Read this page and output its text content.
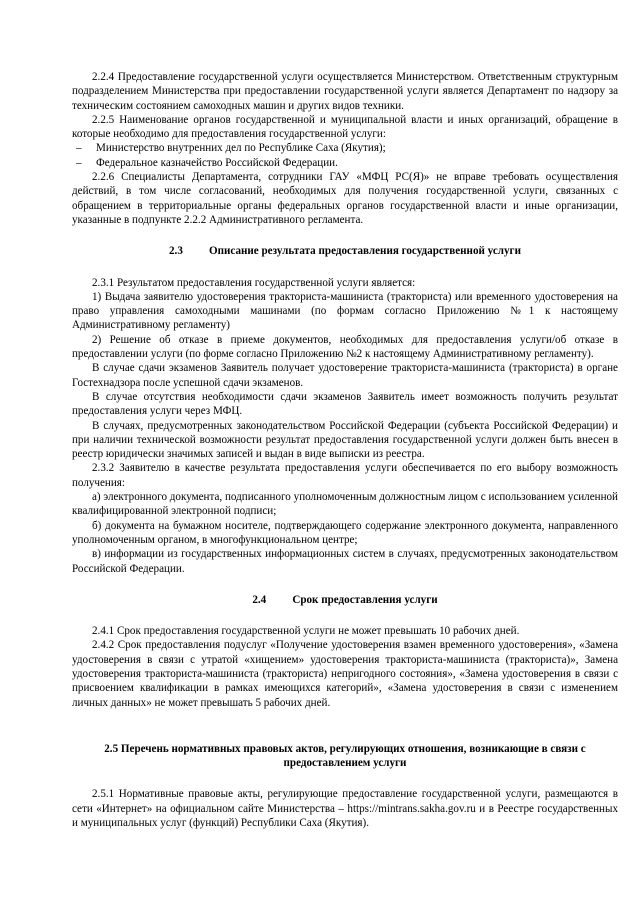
2.2.4 Предоставление государственной услуги осуществляется Министерством. Ответственным структурным подразделением Министерства при предоставлении государственной услуги является Департамент по надзору за техническим состоянием самоходных машин и других видов техники.

2.2.5 Наименование органов государственной и муниципальной власти и иных организаций, обращение в которые необходимо для предоставления государственной услуги:

–	Министерство внутренних дел по Республике Саха (Якутия);
–	Федеральное казначейство Российской Федерации.

2.2.6 Специалисты Департамента, сотрудники ГАУ «МФЦ РС(Я)» не вправе требовать осуществления действий, в том числе согласований, необходимых для получения государственной услуги, связанных с обращением в территориальные органы федеральных органов государственной власти и иные организации, указанные в подпункте 2.2.2 Административного регламента.

2.3 Описание результата предоставления государственной услуги

2.3.1 Результатом предоставления государственной услуги является:

1) Выдача заявителю удостоверения тракториста-машиниста (тракториста) или временного удостоверения на право управления самоходными машинами (по формам согласно Приложению №1 к настоящему Административному регламенту)

2) Решение об отказе в приеме документов, необходимых для предоставления услуги/об отказе в предоставлении услуги (по форме согласно Приложению №2 к настоящему Административному регламенту).

В случае сдачи экзаменов Заявитель получает удостоверение тракториста-машиниста (тракториста) в органе Гостехнадзора после успешной сдачи экзаменов.

В случае отсутствия необходимости сдачи экзаменов Заявитель имеет возможность получить результат предоставления услуги через МФЦ.

В случаях, предусмотренных законодательством Российской Федерации (субъекта Российской Федерации) и при наличии технической возможности результат предоставления государственной услуги должен быть внесен в реестр юридически значимых записей и выдан в виде выписки из реестра.

2.3.2 Заявителю в качестве результата предоставления услуги обеспечивается по его выбору возможность получения:

а) электронного документа, подписанного уполномоченным должностным лицом с использованием усиленной квалифицированной электронной подписи;

б) документа на бумажном носителе, подтверждающего содержание электронного документа, направленного уполномоченным органом, в многофункциональном центре;

в) информации из государственных информационных систем в случаях, предусмотренных законодательством Российской Федерации.

2.4 Срок предоставления услуги

2.4.1 Срок предоставления государственной услуги не может превышать 10 рабочих дней.

2.4.2 Срок предоставления подуслуг «Получение удостоверения взамен временного удостоверения», «Замена удостоверения в связи с утратой «хищением» удостоверения тракториста-машиниста (тракториста)», Замена удостоверения тракториста-машиниста (тракториста) непригодного состояния», «Замена удостоверения в связи с присвоением квалификации в рамках имеющихся категорий», «Замена удостоверения в связи с изменением личных данных» не может превышать 5 рабочих дней.

2.5 Перечень нормативных правовых актов, регулирующих отношения, возникающие в связи с предоставлением услуги

2.5.1 Нормативные правовые акты, регулирующие предоставление государственной услуги, размещаются в сети «Интернет» на официальном сайте Министерства – https://mintrans.sakha.gov.ru и в Реестре государственных и муниципальных услуг (функций) Республики Саха (Якутия).
